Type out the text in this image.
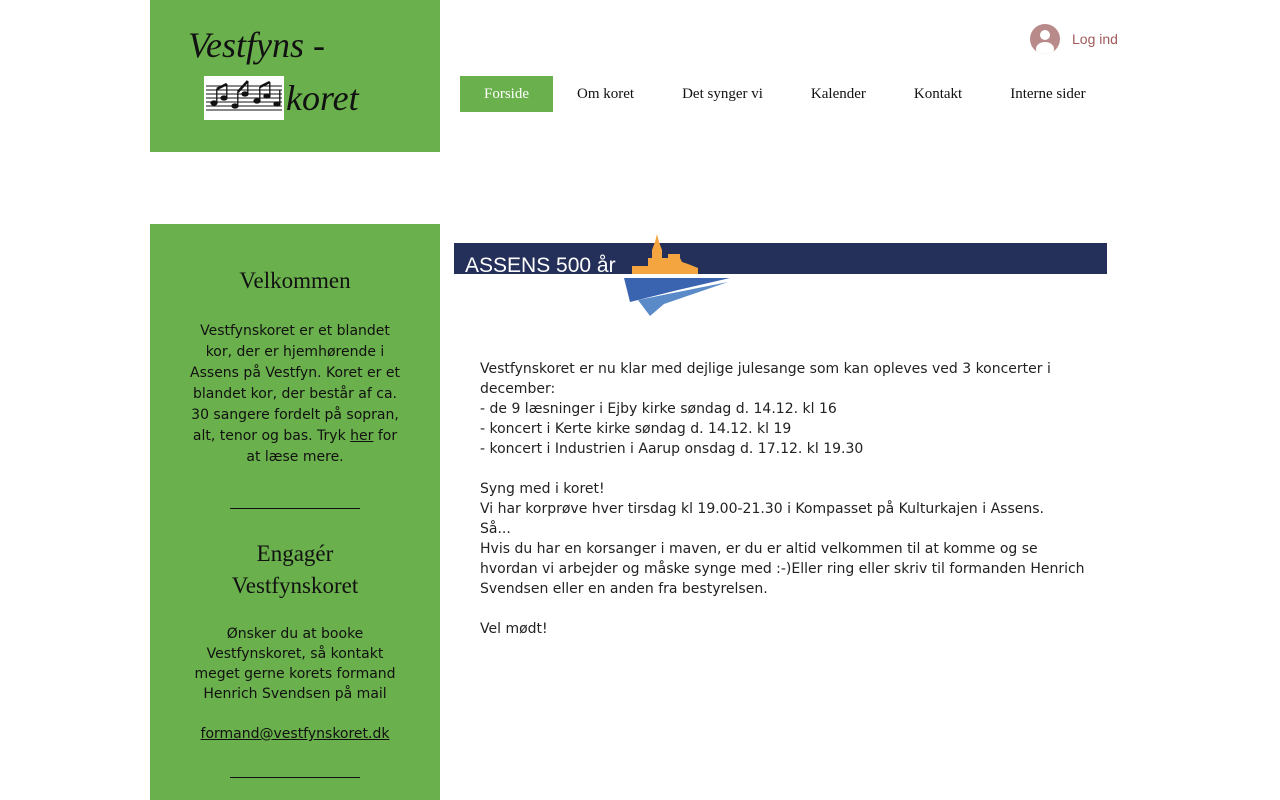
Vestfyns -
koret
Log ind
Forside	Om koret	Det synger vi	Kalender	Kontakt	Interne sider
Velkommen

Vestfynskoret er et blandet kor, der er hjemhørende i Assens på Vestfyn. Koret er et blandet kor, der består af ca. 30 sangere fordelt på sopran, alt, tenor og bas. Tryk her for at læse mere.

Engagér
Vestfynskoret

Ønsker du at booke Vestfynskoret, så kontakt meget gerne korets formand Henrich Svendsen på mail

formand@vestfynskoret.dk
ASSENS 500 år

Vestfynskoret er nu klar med dejlige julesange som kan opleves ved 3 koncerter i december:

- de 9 læsninger i Ejby kirke søndag d. 14.12. kl 16

- koncert i Kerte kirke søndag d. 14.12. kl 19

- koncert i Industrien i Aarup onsdag d. 17.12. kl 19.30

Syng med i koret!

Vi har korprøve hver tirsdag kl 19.00-21.30 i Kompasset på Kulturkajen i Assens.

Så...

Hvis du har en korsanger i maven, er du er altid velkommen til at komme og se hvordan vi arbejder og måske synge med :-)Eller ring eller skriv til formanden Henrich Svendsen eller en anden fra bestyrelsen.

Vel mødt!
